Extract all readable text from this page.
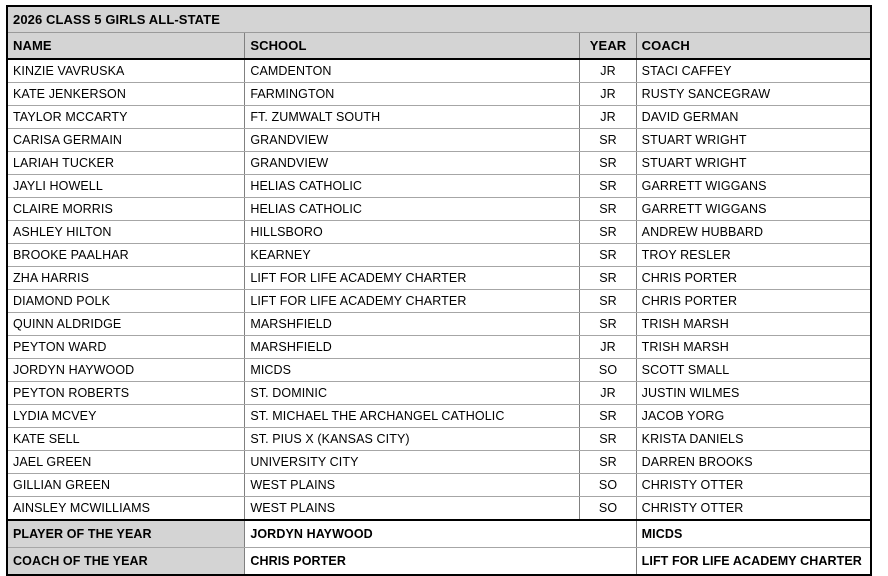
2026 CLASS 5 GIRLS ALL-STATE			
NAME	SCHOOL	YEAR	COACH
KINZIE VAVRUSKA	CAMDENTON	JR	STACI CAFFEY
KATE JENKERSON	FARMINGTON	JR	RUSTY SANCEGRAW
TAYLOR MCCARTY	FT. ZUMWALT SOUTH	JR	DAVID GERMAN
CARISA GERMAIN	GRANDVIEW	SR	STUART WRIGHT
LARIAH TUCKER	GRANDVIEW	SR	STUART WRIGHT
JAYLI HOWELL	HELIAS CATHOLIC	SR	GARRETT WIGGANS
CLAIRE MORRIS	HELIAS CATHOLIC	SR	GARRETT WIGGANS
ASHLEY HILTON	HILLSBORO	SR	ANDREW HUBBARD
BROOKE PAALHAR	KEARNEY	SR	TROY RESLER
ZHA HARRIS	LIFT FOR LIFE ACADEMY CHARTER	SR	CHRIS PORTER
DIAMOND POLK	LIFT FOR LIFE ACADEMY CHARTER	SR	CHRIS PORTER
QUINN ALDRIDGE	MARSHFIELD	SR	TRISH MARSH
PEYTON WARD	MARSHFIELD	JR	TRISH MARSH
JORDYN HAYWOOD	MICDS	SO	SCOTT SMALL
PEYTON ROBERTS	ST. DOMINIC	JR	JUSTIN WILMES
LYDIA MCVEY	ST. MICHAEL THE ARCHANGEL CATHOLIC	SR	JACOB YORG
KATE SELL	ST. PIUS X (KANSAS CITY)	SR	KRISTA DANIELS
JAEL GREEN	UNIVERSITY CITY	SR	DARREN BROOKS
GILLIAN GREEN	WEST PLAINS	SO	CHRISTY OTTER
AINSLEY MCWILLIAMS	WEST PLAINS	SO	CHRISTY OTTER
PLAYER OF THE YEAR	JORDYN HAYWOOD		MICDS
COACH OF THE YEAR	CHRIS PORTER		LIFT FOR LIFE ACADEMY CHARTER
